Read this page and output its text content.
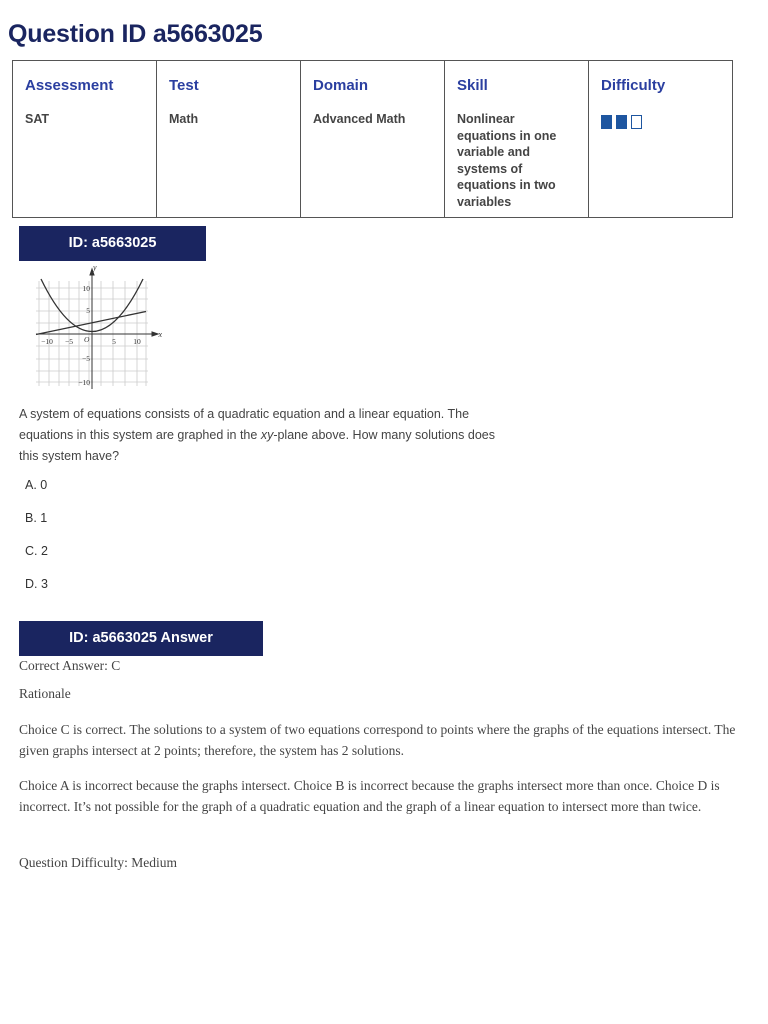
Question ID a5663025
Assessment
SAT

Test
Math

Domain
Advanced Math

Skill
Nonlinear equations in one variable and systems of equations in two variables

Difficulty
ID: a5663025
x
y
−10 −5	5 10
10
5
−5
−10
O

A system of equations consists of a quadratic equation and a linear equation. The equations in this system are graphed in the xy-plane above. How many solutions does this system have?

A. 0
B. 1
C. 2
D. 3
ID: a5663025 Answer

Correct Answer: C

Rationale

Choice C is correct. The solutions to a system of two equations correspond to points where the graphs of the equations intersect. The given graphs intersect at 2 points; therefore, the system has 2 solutions.

Choice A is incorrect because the graphs intersect. Choice B is incorrect because the graphs intersect more than once. Choice D is incorrect. It’s not possible for the graph of a quadratic equation and the graph of a linear equation to intersect more than twice.

Question Difficulty: Medium
